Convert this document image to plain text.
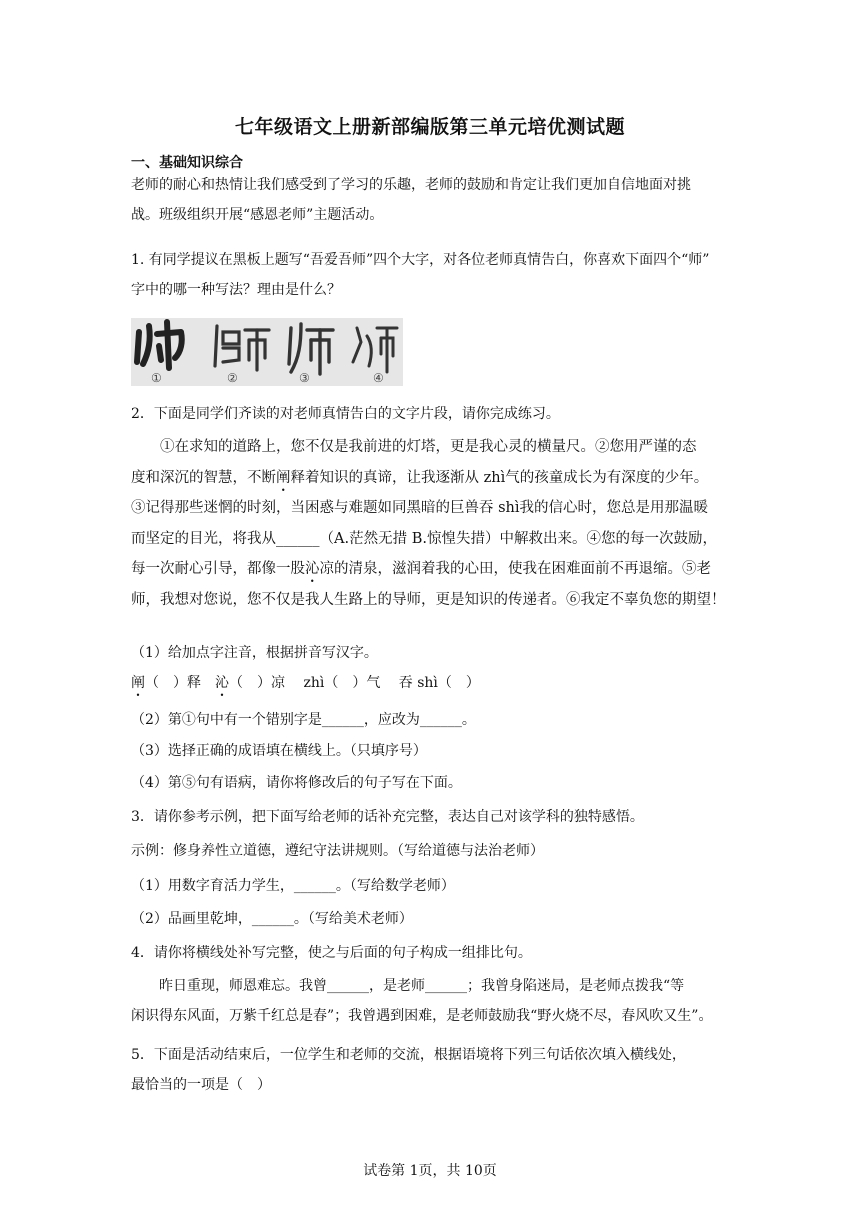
七年级语文上册新部编版第三单元培优测试题
一、基础知识综合

老师的耐心和热情让我们感受到了学习的乐趣，老师的鼓励和肯定让我们更加自信地面对挑
战。班级组织开展“感恩老师”主题活动。

1. 有同学提议在黑板上题写“吾爱吾师”四个大字，对各位老师真情告白，你喜欢下面四个“师”
字中的哪一种写法？理由是什么？

①	②	③	④

2．下面是同学们齐读的对老师真情告白的文字片段，请你完成练习。

①在求知的道路上，您不仅是我前进的灯塔，更是我心灵的横量尺。②您用严谨的态
度和深沉的智慧，不断阐释着知识的真谛，让我逐渐从 zhì气的孩童成长为有深度的少年。
③记得那些迷惘的时刻，当困惑与难题如同黑暗的巨兽吞 shì我的信心时，您总是用那温暖
而坚定的目光，将我从______（A.茫然无措 B.惊惶失措）中解救出来。④您的每一次鼓励，
每一次耐心引导，都像一股沁凉的清泉，滋润着我的心田，使我在困难面前不再退缩。⑤老
师，我想对您说，您不仅是我人生路上的导师，更是知识的传递者。⑥我定不辜负您的期望！

（1）给加点字注音，根据拼音写汉字。

阐（　）释　沁（　）凉　 zhì（　）气　 吞 shì（　）

（2）第①句中有一个错别字是______，应改为______。

（3）选择正确的成语填在横线上。（只填序号）

（4）第⑤句有语病，请你将修改后的句子写在下面。

3．请你参考示例，把下面写给老师的话补充完整，表达自己对该学科的独特感悟。

示例：修身养性立道德，遵纪守法讲规则。（写给道德与法治老师）

（1）用数字育活力学生，______。（写给数学老师）

（2）品画里乾坤，______。（写给美术老师）

4．请你将横线处补写完整，使之与后面的句子构成一组排比句。

昨日重现，师恩难忘。我曾______，是老师______；我曾身陷迷局，是老师点拨我“等
闲识得东风面，万紫千红总是春”；我曾遇到困难，是老师鼓励我“野火烧不尽，春风吹又生”。

5．下面是活动结束后，一位学生和老师的交流，根据语境将下列三句话依次填入横线处，
最恰当的一项是（　）

试卷第 1页，共 10页
